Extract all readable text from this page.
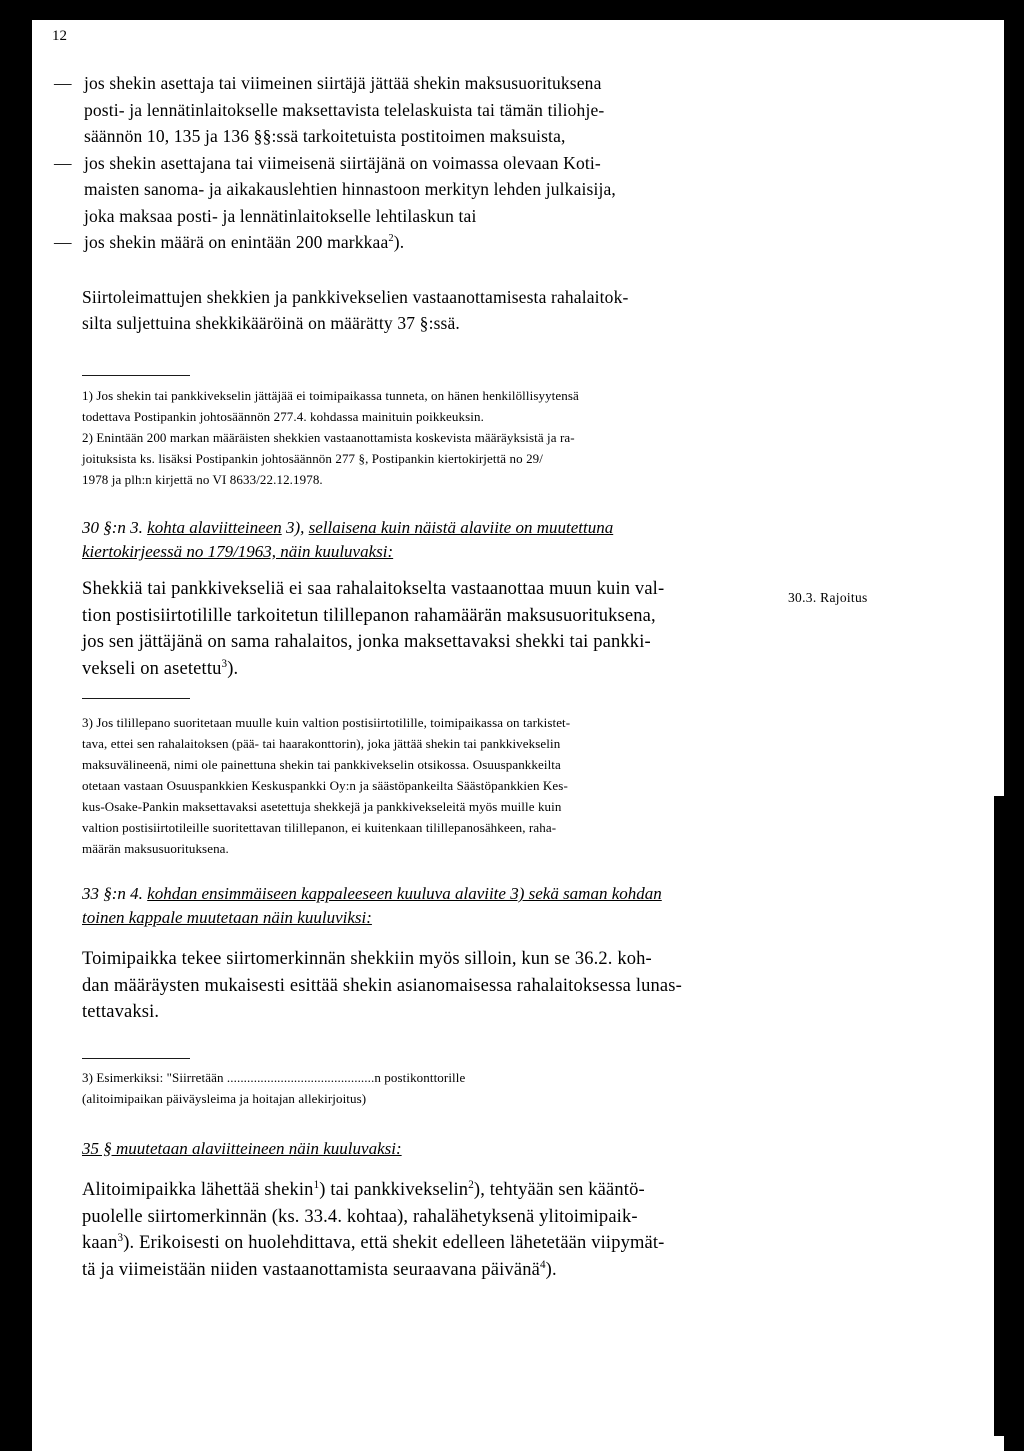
12
— jos shekin asettaja tai viimeinen siirtäjä jättää shekin maksusuorituksena
posti- ja lennätinlaitokselle maksettavista telelaskuista tai tämän tiliohje-
säännön 10, 135 ja 136 §§:ssä tarkoitetuista postitoimen maksuista,
— jos shekin asettajana tai viimeisenä siirtäjänä on voimassa olevaan Koti-
maisten sanoma- ja aikakauslehtien hinnastoon merkityn lehden julkaisija,
joka maksaa posti- ja lennätinlaitokselle lehtilaskun tai
— jos shekin määrä on enintään 200 markkaa$^2$).
Siirtoleimattujen shekkien ja pankkivekselien vastaanottamisesta rahalaitok-
silta suljettuina shekkikääröinä on määrätty 37 §:ssä.
1) Jos shekin tai pankkivekselin jättäjää ei toimipaikassa tunneta, on hänen henkilöllisyytensä
todettava Postipankin johtosäännön 277.4. kohdassa mainituin poikkeuksin.
2) Enintään 200 markan määräisten shekkien vastaanottamista koskevista määräyksistä ja ra-
joituksista ks. lisäksi Postipankin johtosäännön 277 §, Postipankin kiertokirjettä no 29/
1978 ja plh:n kirjettä no VI 8633/22.12.1978.
30 §:n 3. kohta alaviitteineen 3), sellaisena kuin näistä alaviite on muutettuna
kiertokirjeessä no 179/1963, näin kuuluvaksi:
Shekkiä tai pankkivekseliä ei saa rahalaitokselta vastaanottaa muun kuin val-
tion postisiirtotilille tarkoitetun tilillepanon rahamäärän maksusuorituksena,
jos sen jättäjänä on sama rahalaitos, jonka maksettavaksi shekki tai pankki-
vekseli on asetettu$^3$).
30.3. Rajoitus
3) Jos tilillepano suoritetaan muulle kuin valtion postisiirtotilille, toimipaikassa on tarkistet-
tava, ettei sen rahalaitoksen (pää- tai haarakonttorin), joka jättää shekin tai pankkivekselin
maksuvälineenä, nimi ole painettuna shekin tai pankkivekselin otsikossa. Osuuspankkeilta
otetaan vastaan Osuuspankkien Keskuspankki Oy:n ja säästöpankeilta Säästöpankkien Kes-
kus-Osake-Pankin maksettavaksi asetettuja shekkejä ja pankkivekseleitä myös muille kuin
valtion postisiirtotileille suoritettavan tilillepanon, ei kuitenkaan tilillepanosähkeen, raha-
määrän maksusuorituksena.
33 §:n 4. kohdan ensimmäiseen kappaleeseen kuuluva alaviite 3) sekä saman kohdan
toinen kappale muutetaan näin kuuluviksi:
Toimipaikka tekee siirtomerkinnän shekkiin myös silloin, kun se 36.2. koh-
dan määräysten mukaisesti esittää shekin asianomaisessa rahalaitoksessa lunas-
tettavaksi.
3) Esimerkiksi: "Siirretään ............................................n postikonttorille
(alitoimipaikan päiväysleima ja hoitajan allekirjoitus)
35 § muutetaan alaviitteineen näin kuuluvaksi:
Alitoimipaikka lähettää shekin$^1$) tai pankkivekselin$^2$), tehtyään sen kääntö-
puolelle siirtomerkinnän (ks. 33.4. kohtaa), rahalähetyksenä ylitoimipaik-
kaan$^3$). Erikoisesti on huolehdittava, että shekit edelleen lähetetään viipymät-
tä ja viimeistään niiden vastaanottamista seuraavana päivänä$^4$).
